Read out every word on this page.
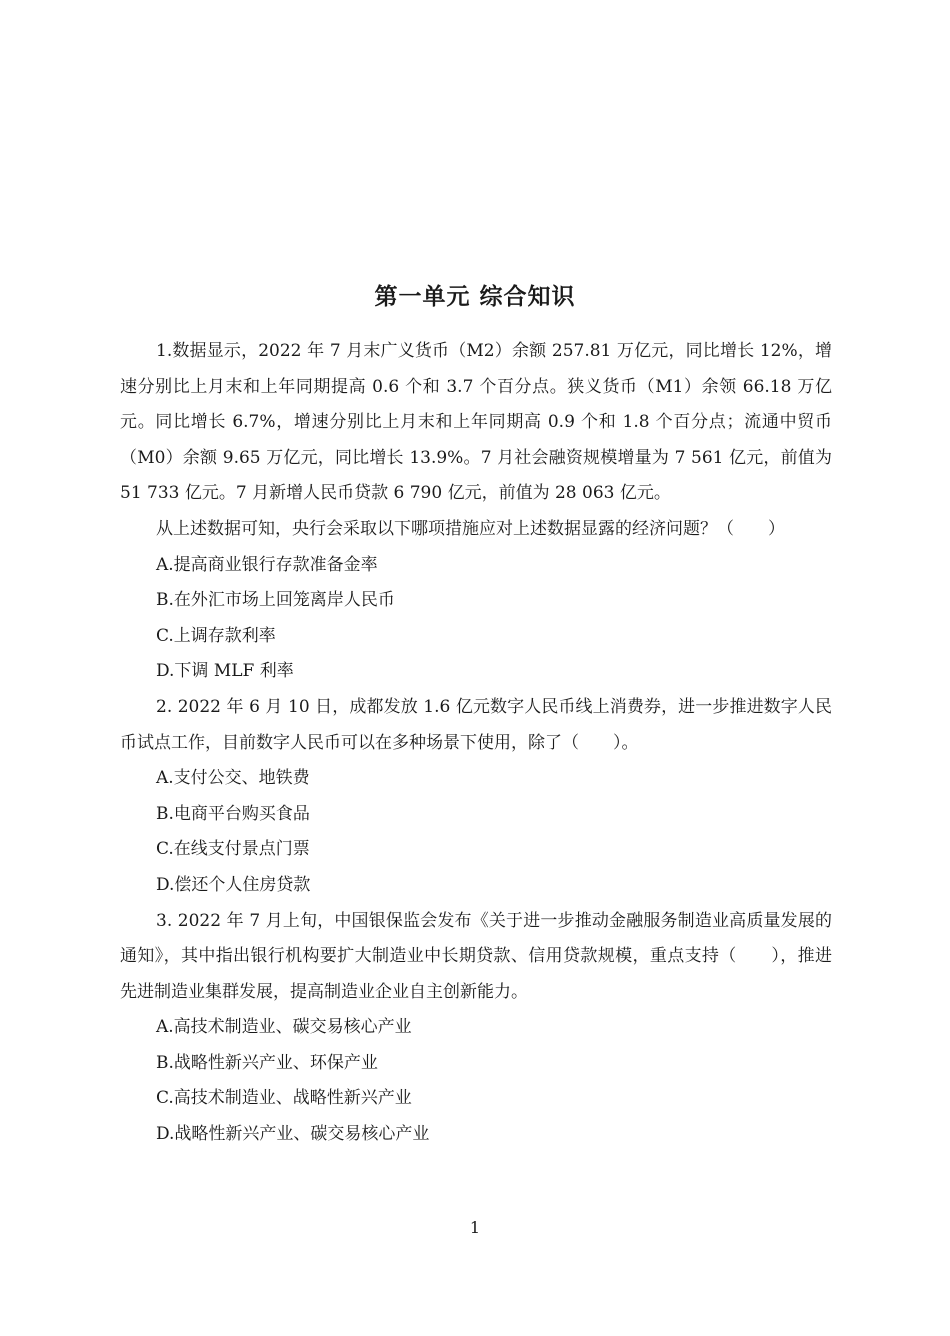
第一单元 综合知识

1.数据显示，2022 年 7 月末广义货币（M2）余额 257.81 万亿元，同比增长 12%，增速分别比上月末和上年同期提高 0.6 个和 3.7 个百分点。狭义货币（M1）余领 66.18 万亿元。同比增长 6.7%，增速分别比上月末和上年同期高 0.9 个和 1.8 个百分点；流通中贸币（M0）余额 9.65 万亿元，同比增长 13.9%。7 月社会融资规模增量为 7 561 亿元，前值为 51 733 亿元。7 月新增人民币贷款 6 790 亿元，前值为 28 063 亿元。

从上述数据可知，央行会采取以下哪项措施应对上述数据显露的经济问题？（　　）

A.提高商业银行存款准备金率

B.在外汇市场上回笼离岸人民币

C.上调存款利率

D.下调 MLF 利率

2. 2022 年 6 月 10 日，成都发放 1.6 亿元数字人民币线上消费券，进一步推进数字人民币试点工作，目前数字人民币可以在多种场景下使用，除了（　　）。

A.支付公交、地铁费

B.电商平台购买食品

C.在线支付景点门票

D.偿还个人住房贷款

3. 2022 年 7 月上旬，中国银保监会发布《关于进一步推动金融服务制造业高质量发展的通知》，其中指出银行机构要扩大制造业中长期贷款、信用贷款规模，重点支持（　　），推进先进制造业集群发展，提高制造业企业自主创新能力。

A.高技术制造业、碳交易核心产业

B.战略性新兴产业、环保产业

C.高技术制造业、战略性新兴产业

D.战略性新兴产业、碳交易核心产业

1
